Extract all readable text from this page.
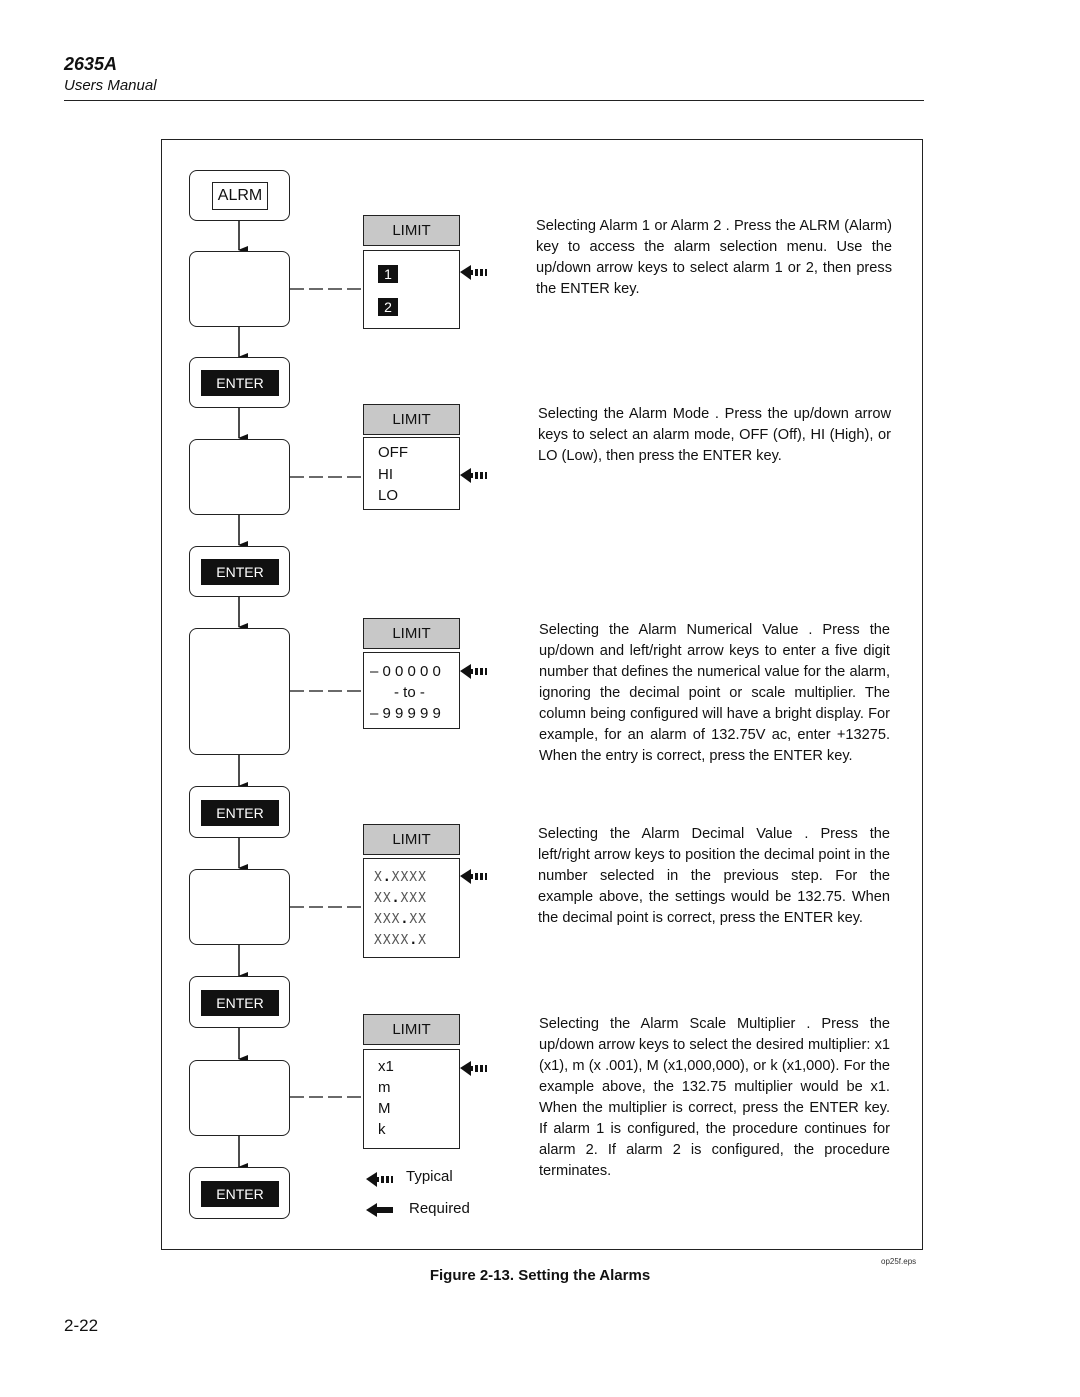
2635A
Users Manual
ALRM
ENTER
ENTER
ENTER
ENTER
ENTER
LIMIT
1
2
LIMIT
OFF
HI
LO
LIMIT
– 0 0 0 0 0
- to -
– 9 9 9 9 9
LIMIT
X.XXXX
XX.XXX
XXX.XX
XXXX.X
LIMIT
x1
m
M
k
Typical
Required
Selecting Alarm 1 or Alarm 2 . Press the ALRM (Alarm) key to access the alarm selection menu. Use the up/down arrow keys to select alarm 1 or 2, then press the ENTER key.
Selecting the Alarm Mode . Press the up/down arrow keys to select an alarm mode, OFF (Off), HI (High), or LO (Low), then press the ENTER key.
Selecting the Alarm Numerical Value . Press the up/down and left/right arrow keys to enter a five digit number that defines the numerical value for the alarm, ignoring the decimal point or scale multiplier. The column being configured will have a bright display. For example, for an alarm of 132.75V ac, enter +13275. When the entry is correct, press the ENTER key.
Selecting the Alarm Decimal Value . Press the left/right arrow keys to position the decimal point in the number selected in the previous step. For the example above, the settings would be 132.75. When the decimal point is correct, press the ENTER key.
Selecting the Alarm Scale Multiplier . Press the up/down arrow keys to select the desired multiplier: x1 (x1), m (x .001), M (x1,000,000), or k (x1,000). For the example above, the 132.75 multiplier would be x1. When the multiplier is correct, press the ENTER key. If alarm 1 is configured, the procedure continues for alarm 2. If alarm 2 is configured, the procedure terminates.
op25f.eps
Figure 2-13. Setting the Alarms
2-22
